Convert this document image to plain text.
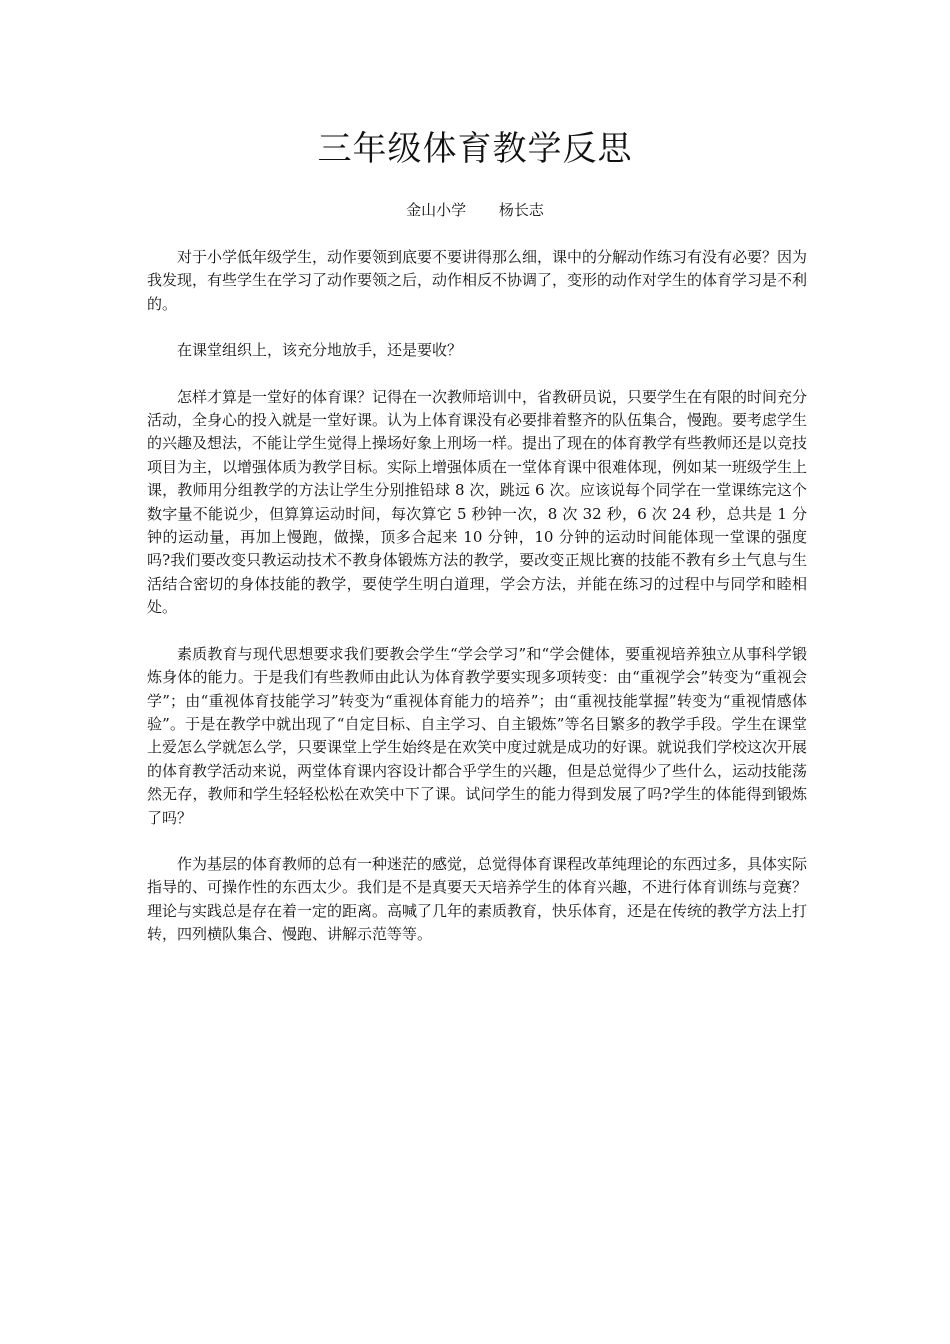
三年级体育教学反思
金山小学 杨长志

对于小学低年级学生，动作要领到底要不要讲得那么细，课中的分解动作练习有没有必要？因为我发现，有些学生在学习了动作要领之后，动作相反不协调了，变形的动作对学生的体育学习是不利的。

在课堂组织上，该充分地放手，还是要收？

怎样才算是一堂好的体育课？记得在一次教师培训中，省教研员说，只要学生在有限的时间充分活动，全身心的投入就是一堂好课。认为上体育课没有必要排着整齐的队伍集合，慢跑。要考虑学生的兴趣及想法，不能让学生觉得上操场好象上刑场一样。提出了现在的体育教学有些教师还是以竞技项目为主，以增强体质为教学目标。实际上增强体质在一堂体育课中很难体现，例如某一班级学生上课，教师用分组教学的方法让学生分别推铅球 8 次，跳远 6 次。应该说每个同学在一堂课练完这个数字量不能说少，但算算运动时间，每次算它 5 秒钟一次，8 次 32 秒，6 次 24 秒，总共是 1 分钟的运动量，再加上慢跑，做操，顶多合起来 10 分钟，10 分钟的运动时间能体现一堂课的强度吗?我们要改变只教运动技术不教身体锻炼方法的教学，要改变正规比赛的技能不教有乡土气息与生活结合密切的身体技能的教学，要使学生明白道理，学会方法，并能在练习的过程中与同学和睦相处。

素质教育与现代思想要求我们要教会学生“学会学习”和“学会健体，要重视培养独立从事科学锻炼身体的能力。于是我们有些教师由此认为体育教学要实现多项转变：由“重视学会”转变为“重视会学”；由“重视体育技能学习”转变为“重视体育能力的培养”；由“重视技能掌握”转变为“重视情感体验”。于是在教学中就出现了“自定目标、自主学习、自主锻炼”等名目繁多的教学手段。学生在课堂上爱怎么学就怎么学，只要课堂上学生始终是在欢笑中度过就是成功的好课。就说我们学校这次开展的体育教学活动来说，两堂体育课内容设计都合乎学生的兴趣，但是总觉得少了些什么，运动技能荡然无存，教师和学生轻轻松松在欢笑中下了课。试问学生的能力得到发展了吗?学生的体能得到锻炼了吗？

作为基层的体育教师的总有一种迷茫的感觉，总觉得体育课程改革纯理论的东西过多，具体实际指导的、可操作性的东西太少。我们是不是真要天天培养学生的体育兴趣，不进行体育训练与竞赛？理论与实践总是存在着一定的距离。高喊了几年的素质教育，快乐体育，还是在传统的教学方法上打转，四列横队集合、慢跑、讲解示范等等。
